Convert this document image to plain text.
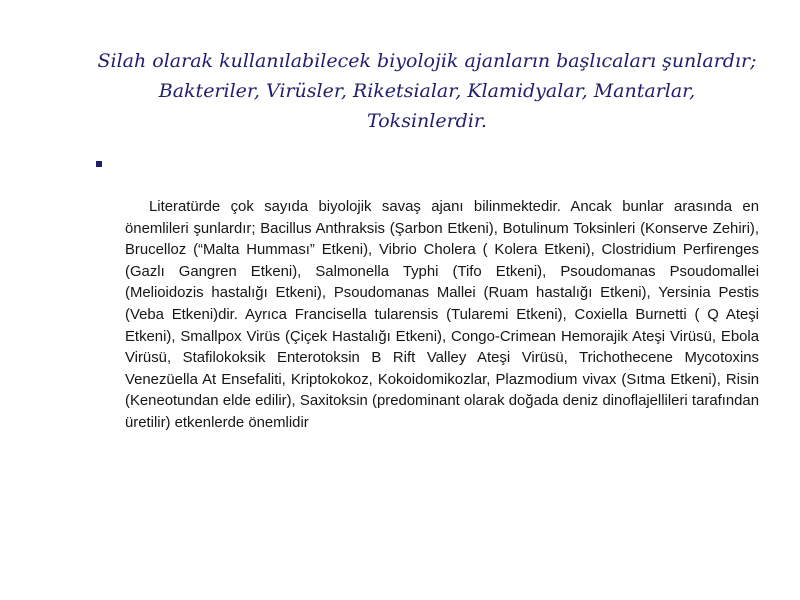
Silah olarak kullanılabilecek biyolojik ajanların başlıcaları şunlardır; Bakteriler, Virüsler, Riketsialar, Klamidyalar, Mantarlar, Toksinlerdir.
Literatürde çok sayıda biyolojik savaş ajanı bilinmektedir. Ancak bunlar arasında en önemlileri şunlardır; Bacillus Anthraksis (Şarbon Etkeni), Botulinum Toksinleri (Konserve Zehiri), Brucelloz (“Malta Humması” Etkeni), Vibrio Cholera ( Kolera Etkeni), Clostridium Perfirenges (Gazlı Gangren Etkeni), Salmonella Typhi (Tifo Etkeni), Psoudomanas Psoudomallei (Melioidozis hastalığı Etkeni), Psoudomanas Mallei (Ruam hastalığı Etkeni), Yersinia Pestis (Veba Etkeni)dir. Ayrıca Francisella tularensis (Tularemi Etkeni), Coxiella Burnetti ( Q Ateşi Etkeni), Smallpox Virüs (Çiçek Hastalığı Etkeni), Congo-Crimean Hemorajik Ateşi Virüsü, Ebola Virüsü, Stafilokoksik Enterotoksin B Rift Valley Ateşi Virüsü, Trichothecene Mycotoxins Venezüella At Ensefaliti, Kriptokokoz, Kokoidomikozlar, Plazmodium vivax (Sıtma Etkeni), Risin (Keneotundan elde edilir), Saxitoksin (predominant olarak doğada deniz dinoflajellileri tarafından üretilir) etkenlerde önemlidir
